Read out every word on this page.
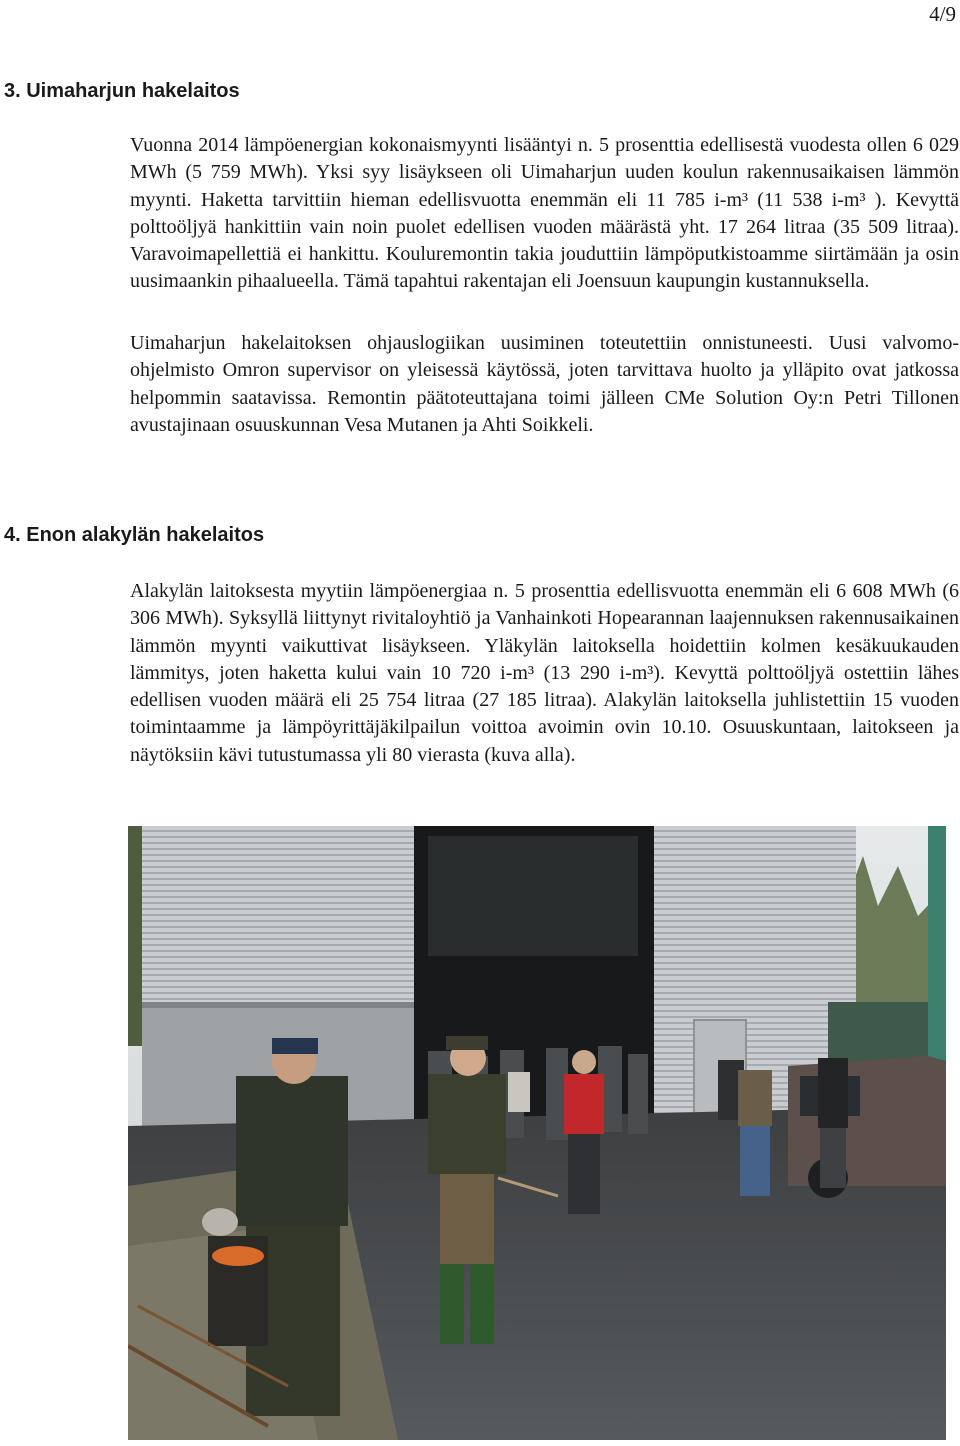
4/9
3. Uimaharjun hakelaitos

Vuonna 2014 lämpöenergian kokonaismyynti lisääntyi n. 5 prosenttia edellisestä vuodesta ollen 6 029 MWh (5 759 MWh). Yksi syy lisäykseen oli Uimaharjun uuden koulun rakennusaikaisen lämmön myynti. Haketta tarvittiin hieman edellisvuotta enemmän eli 11 785 i-m³ (11 538 i-m³ ). Kevyttä polttoöljyä hankittiin vain noin puolet edellisen vuoden määrästä yht. 17 264 litraa (35 509 litraa). Varavoimapellettiä ei hankittu. Kouluremontin takia jouduttiin lämpöputkistoamme siirtämään ja osin uusimaankin pihaalueella. Tämä tapahtui rakentajan eli Joensuun kaupungin kustannuksella.

Uimaharjun hakelaitoksen ohjauslogiikan uusiminen toteutettiin onnistuneesti. Uusi valvomo-ohjelmisto Omron supervisor on yleisessä käytössä, joten tarvittava huolto ja ylläpito ovat jatkossa helpommin saatavissa. Remontin päätoteuttajana toimi jälleen CMe Solution Oy:n Petri Tillonen avustajinaan osuuskunnan Vesa Mutanen ja Ahti Soikkeli.

4. Enon alakylän hakelaitos

Alakylän laitoksesta myytiin lämpöenergiaa n. 5 prosenttia edellisvuotta enemmän eli 6 608 MWh (6 306 MWh). Syksyllä liittynyt rivitaloyhtiö ja Vanhainkoti Hopearannan laajennuksen rakennusaikainen lämmön myynti vaikuttivat lisäykseen. Yläkylän laitoksella hoidettiin kolmen kesäkuukauden lämmitys, joten haketta kului vain 10 720 i-m³ (13 290 i-m³). Kevyttä polttoöljyä ostettiin lähes edellisen vuoden määrä eli 25 754 litraa (27 185 litraa). Alakylän laitoksella juhlistettiin 15 vuoden toimintaamme ja lämpöyrittäjäkilpailun voittoa avoimin ovin 10.10. Osuuskuntaan, laitokseen ja näytöksiin kävi tutustumassa yli 80 vierasta (kuva alla).
